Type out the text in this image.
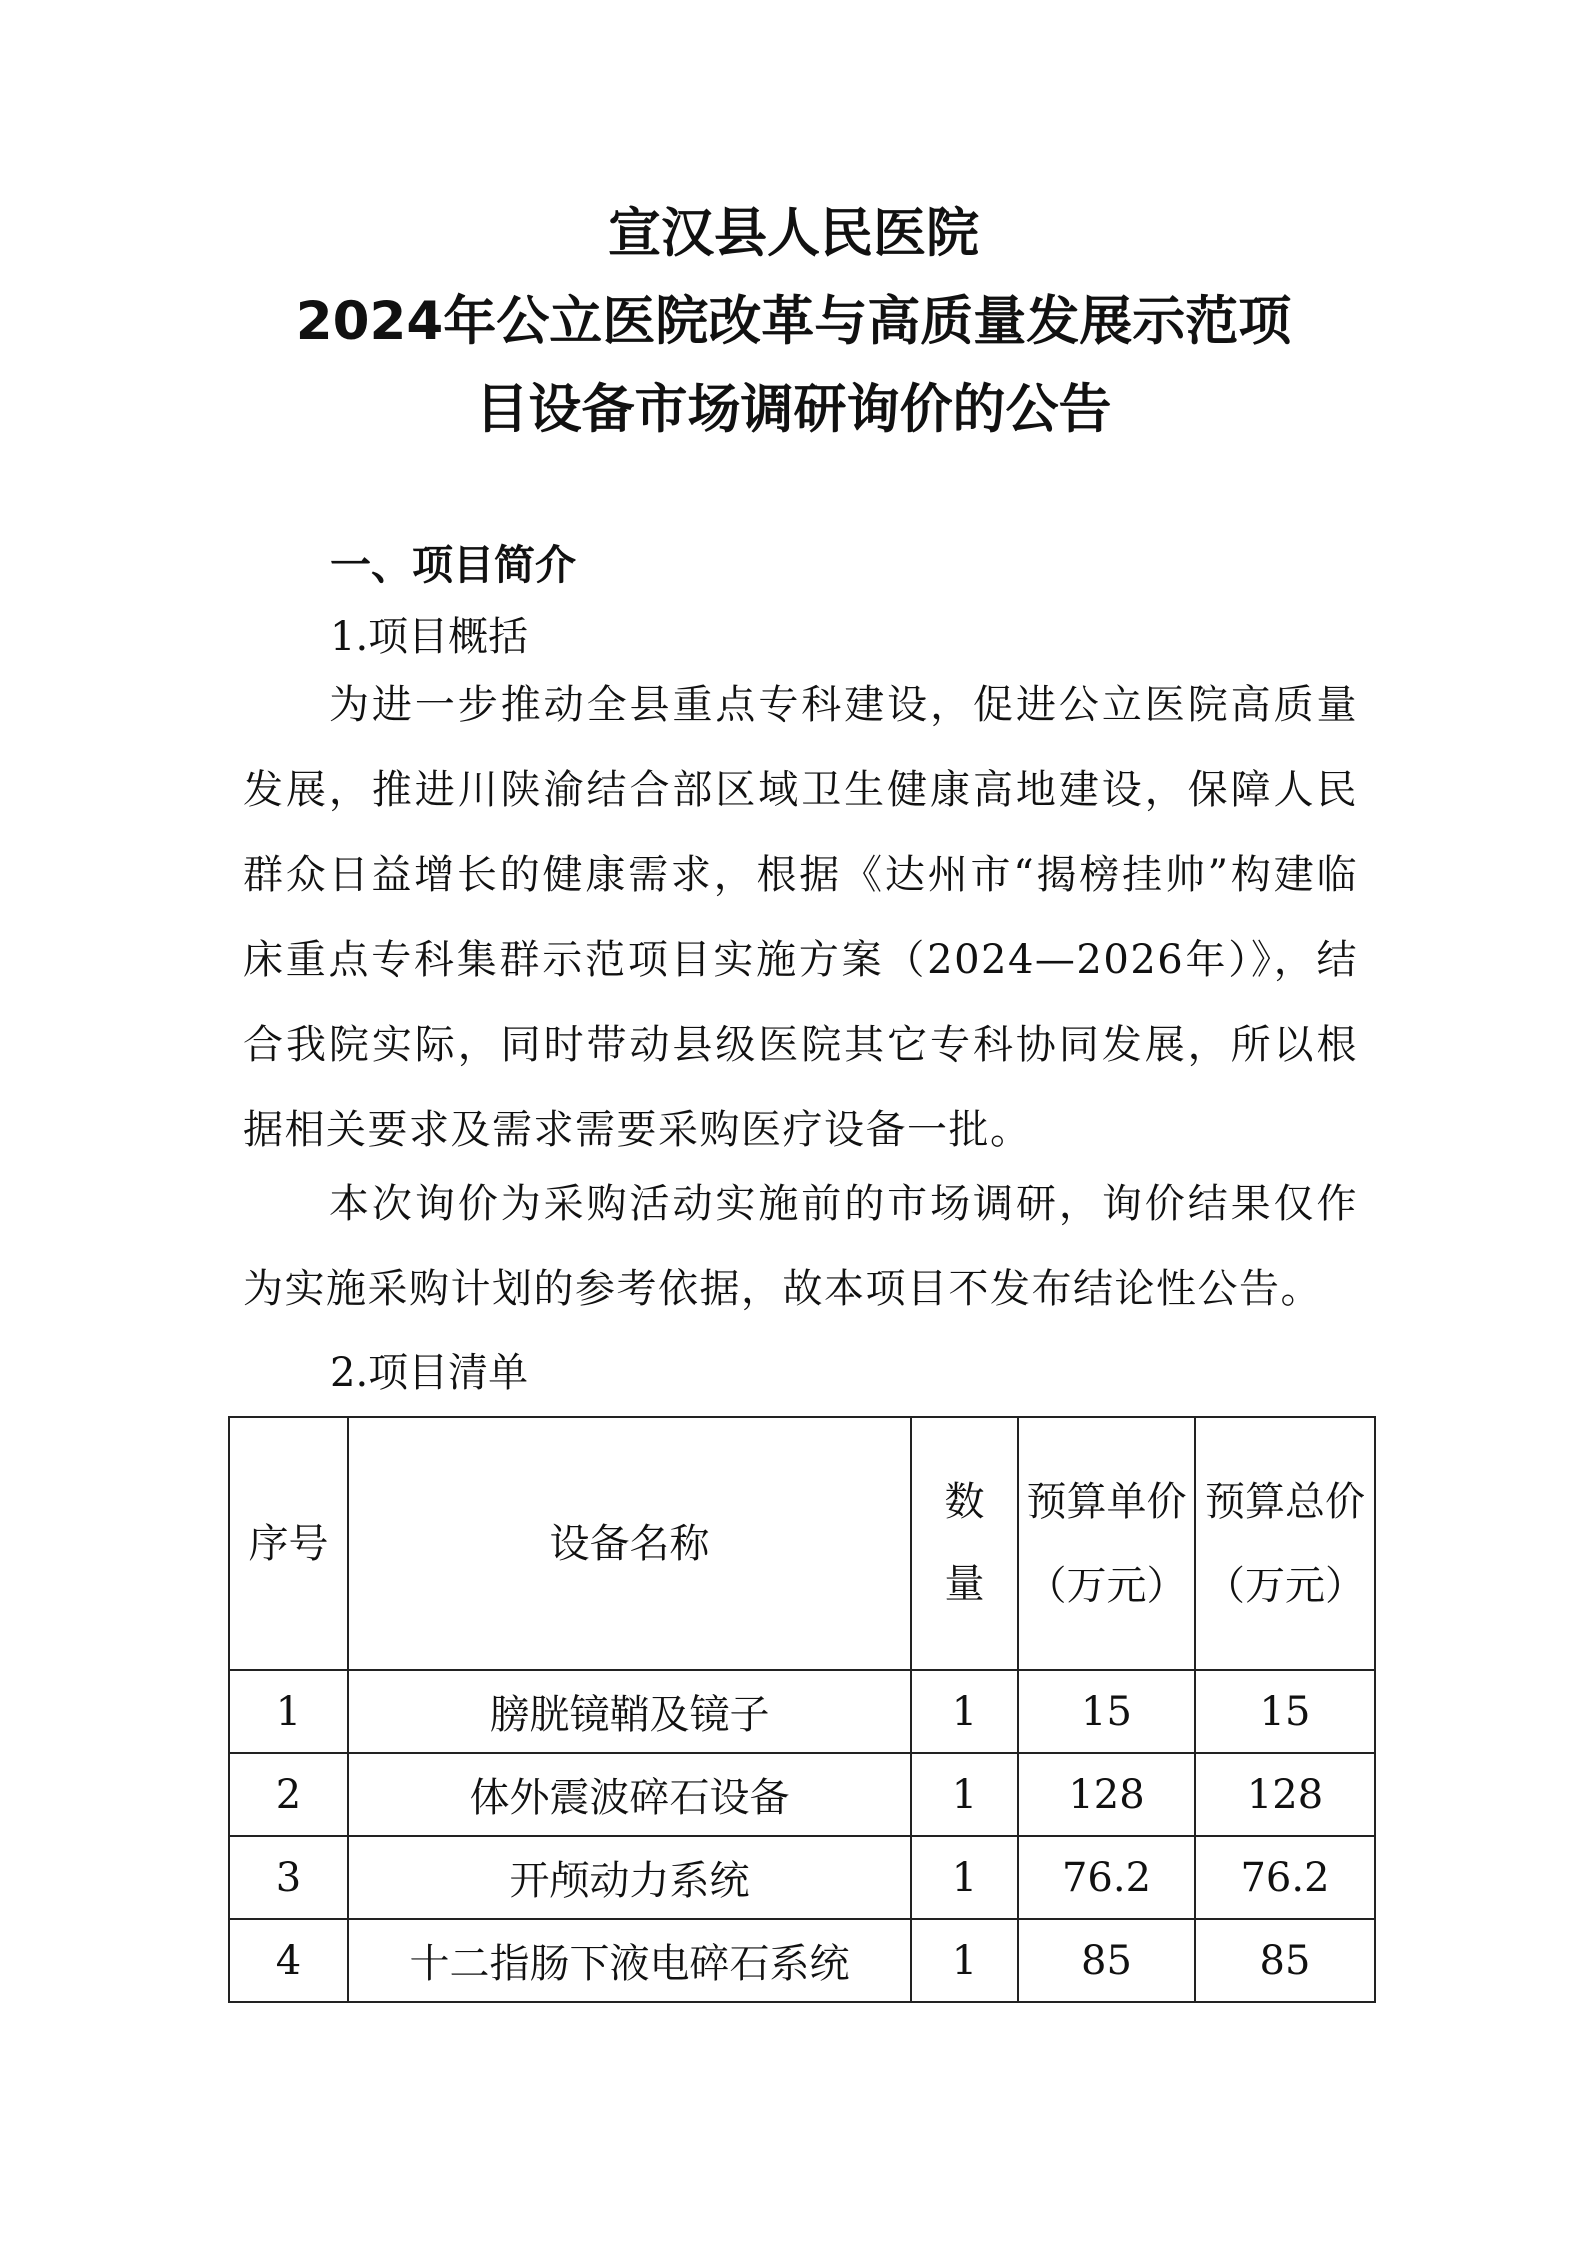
宣汉县人民医院
2024年公立医院改革与高质量发展示范项
目设备市场调研询价的公告
一、项目简介
1.项目概括

为进一步推动全县重点专科建设，促进公立医院高质量发展，推进川陕渝结合部区域卫生健康高地建设，保障人民群众日益增长的健康需求，根据《达州市“揭榜挂帅”构建临床重点专科集群示范项目实施方案（2024—2026年）》，结合我院实际，同时带动县级医院其它专科协同发展，所以根据相关要求及需求需要采购医疗设备一批。

本次询价为采购活动实施前的市场调研，询价结果仅作为实施采购计划的参考依据，故本项目不发布结论性公告。

2.项目清单
序号	设备名称	数量	预算单价（万元）	预算总价（万元）
1	膀胱镜鞘及镜子	1	15	15
2	体外震波碎石设备	1	128	128
3	开颅动力系统	1	76.2	76.2
4	十二指肠下液电碎石系统	1	85	85
